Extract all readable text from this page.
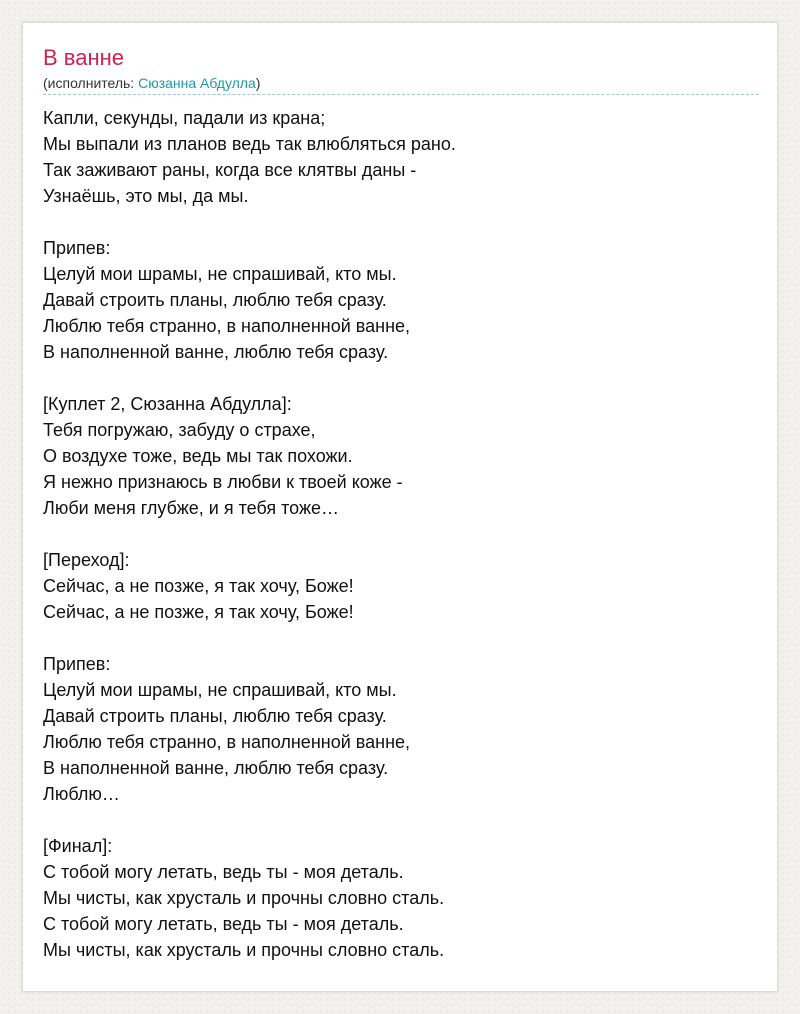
В ванне
(исполнитель: Сюзанна Абдулла)
Капли, секунды, падали из крана;
Мы выпали из планов ведь так влюбляться рано.
Так заживают раны, когда все клятвы даны -
Узнаёшь, это мы, да мы.
Припев:
Целуй мои шрамы, не спрашивай, кто мы.
Давай строить планы, люблю тебя сразу.
Люблю тебя странно, в наполненной ванне,
В наполненной ванне, люблю тебя сразу.
[Куплет 2, Сюзанна Абдулла]:
Тебя погружаю, забуду о страхе,
О воздухе тоже, ведь мы так похожи.
Я нежно признаюсь в любви к твоей коже -
Люби меня глубже, и я тебя тоже…
[Переход]:
Сейчас, а не позже, я так хочу, Боже!
Сейчас, а не позже, я так хочу, Боже!
Припев:
Целуй мои шрамы, не спрашивай, кто мы.
Давай строить планы, люблю тебя сразу.
Люблю тебя странно, в наполненной ванне,
В наполненной ванне, люблю тебя сразу.
Люблю…
[Финал]:
С тобой могу летать, ведь ты - моя деталь.
Мы чисты, как хрусталь и прочны словно сталь.
С тобой могу летать, ведь ты - моя деталь.
Мы чисты, как хрусталь и прочны словно сталь.
